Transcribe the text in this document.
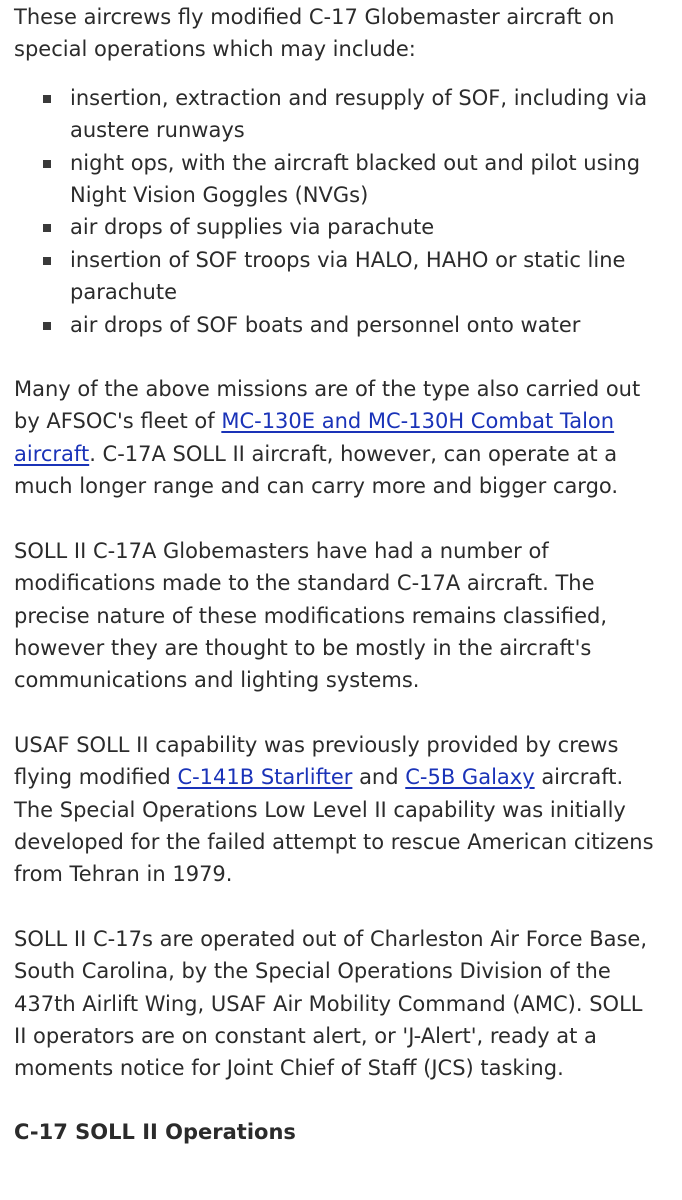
These aircrews fly modified C-17 Globemaster aircraft on special operations which may include:

insertion, extraction and resupply of SOF, including via austere runways
night ops, with the aircraft blacked out and pilot using Night Vision Goggles (NVGs)
air drops of supplies via parachute
insertion of SOF troops via HALO, HAHO or static line parachute
air drops of SOF boats and personnel onto water

Many of the above missions are of the type also carried out by AFSOC's fleet of MC-130E and MC-130H Combat Talon aircraft. C-17A SOLL II aircraft, however, can operate at a much longer range and can carry more and bigger cargo.

SOLL II C-17A Globemasters have had a number of modifications made to the standard C-17A aircraft. The precise nature of these modifications remains classified, however they are thought to be mostly in the aircraft's communications and lighting systems.

USAF SOLL II capability was previously provided by crews flying modified C-141B Starlifter and C-5B Galaxy aircraft. The Special Operations Low Level II capability was initially developed for the failed attempt to rescue American citizens from Tehran in 1979.

SOLL II C-17s are operated out of Charleston Air Force Base, South Carolina, by the Special Operations Division of the 437th Airlift Wing, USAF Air Mobility Command (AMC). SOLL II operators are on constant alert, or 'J-Alert', ready at a moments notice for Joint Chief of Staff (JCS) tasking.

C-17 SOLL II Operations
